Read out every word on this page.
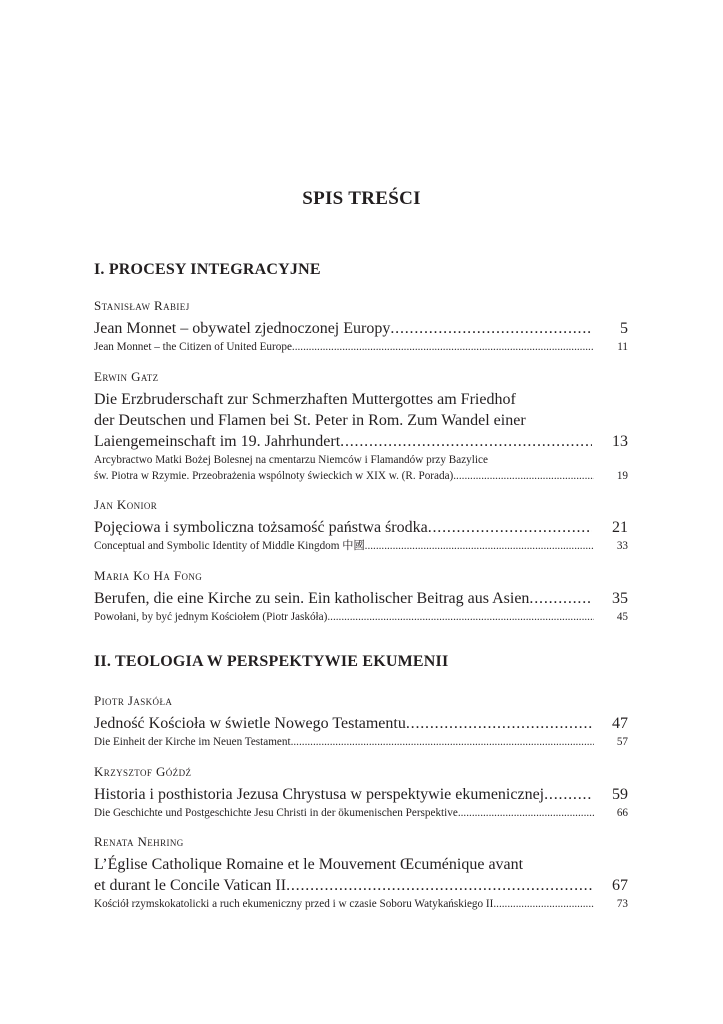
SPIS TREŚCI
I. PROCESY INTEGRACYJNE
Stanisław Rabiej
Jean Monnet – obywatel zjednoczonej Europy	5
. . .
Jean Monnet – the Citizen of United Europe	11
. . .
Erwin Gatz
Die Erzbruderschaft zur Schmerzhaften Muttergottes am Friedhof
der Deutschen und Flamen bei St. Peter in Rom. Zum Wandel einer
Laiengemeinschaft im 19. Jahrhundert	13
. . .
Arcybractwo Matki Bożej Bolesnej na cmentarzu Niemców i Flamandów przy Bazylice
św. Piotra w Rzymie. Przeobrażenia wspólnoty świeckich w XIX w. (R. Porada)	19
. . .
Jan Konior
Pojęciowa i symboliczna tożsamość państwa środka	21
. . .
Conceptual and Symbolic Identity of Middle Kingdom 中國.	33
. . .
Maria Ko Ha Fong
Berufen, die eine Kirche zu sein. Ein katholischer Beitrag aus Asien	35
. . .
Powołani, by być jednym Kościołem (Piotr Jaskóła)	45
. . .
II. TEOLOGIA W PERSPEKTYWIE EKUMENII
Piotr Jaskóła
Jedność Kościoła w świetle Nowego Testamentu	47
. . .
Die Einheit der Kirche im Neuen Testament	57
. . .
Krzysztof Góźdź
Historia i posthistoria Jezusa Chrystusa w perspektywie ekumenicznej	59
. . .
Die Geschichte und Postgeschichte Jesu Christi in der ökumenischen Perspektive	66
. . .
Renata Nehring
L’Église Catholique Romaine et le Mouvement Œcuménique avant
et durant le Concile Vatican II	67
. . .
Kościół rzymskokatolicki a ruch ekumeniczny przed i w czasie Soboru Watykańskiego II	73
. . .
